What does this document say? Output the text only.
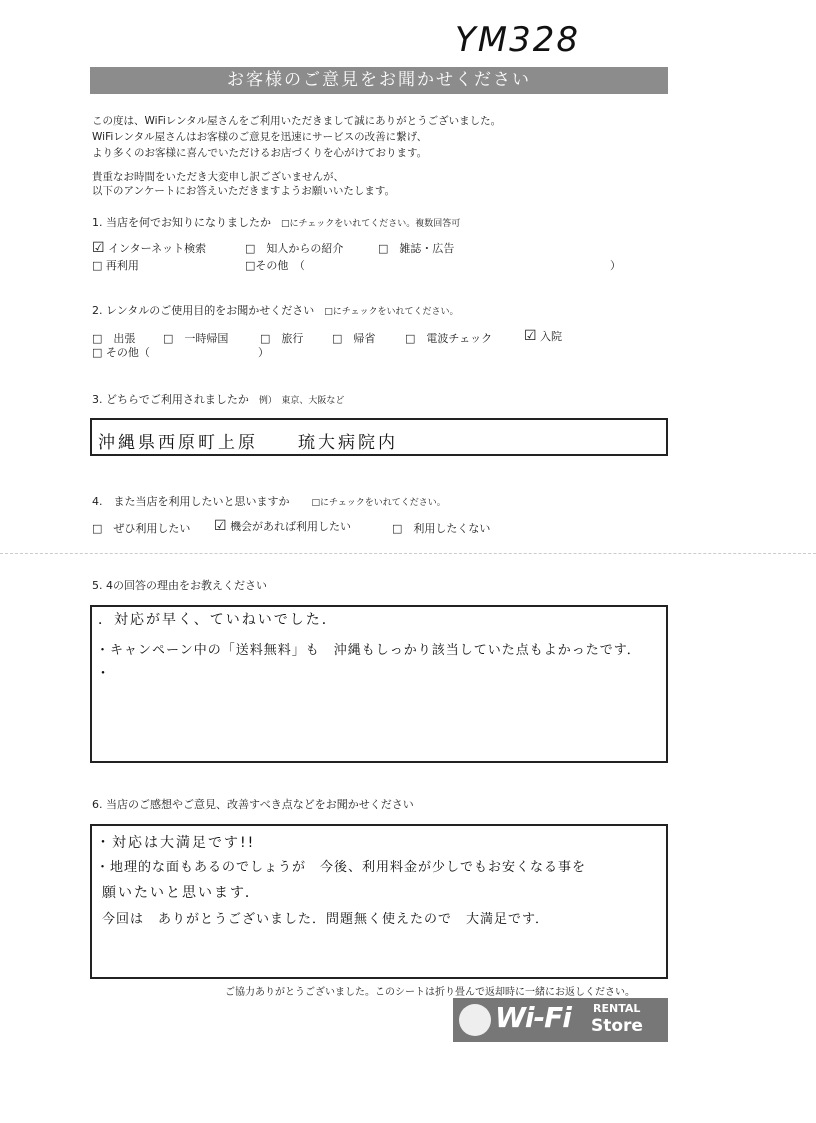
YM328
お客様のご意見をお聞かせください
この度は、WiFiレンタル屋さんをご利用いただきまして誠にありがとうございました。
WiFiレンタル屋さんはお客様のご意見を迅速にサービスの改善に繋げ、
より多くのお客様に喜んでいただけるお店づくりを心がけております。
貴重なお時間をいただき大変申し訳ございませんが、
以下のアンケートにお答えいただきますようお願いいたします。
1. 当店を何でお知りになりましたか □にチェックをいれてください。複数回答可
☑ インターネット検索	□　 知人からの紹介	□　 雑誌・広告
□ 再利用	□その他　（	）
2. レンタルのご使用目的をお聞かせください □にチェックをいれてください。
□　 出張	□　 一時帰国	□　 旅行	□　 帰省	□　 電波チェック ☑ 入院
□ その他（	）
3. どちらでご利用されましたか 例）　東京、大阪など
沖縄県西原町上原　　琉大病院内
4.　また当店を利用したいと思いますか □にチェックをいれてください。
□　 ぜひ利用したい ☑ 機会があれば利用したい	□　 利用したくない
5. 4の回答の理由をお教えください
．対応が早く、ていねいでした．
・キャンペーン中の「送料無料」も　沖縄もしっかり該当していた点もよかったです．
・
6. 当店のご感想やご意見、改善すべき点などをお聞かせください
・対応は大満足です!!
・地理的な面もあるのでしょうが　今後、利用料金が少しでもお安くなる事を
願いたいと思います．
今回は　ありがとうございました．問題無く使えたので　大満足です．
ご協力ありがとうございました。このシートは折り畳んで返却時に一緒にお返しください。
Wi-Fi RENTAL
Store
